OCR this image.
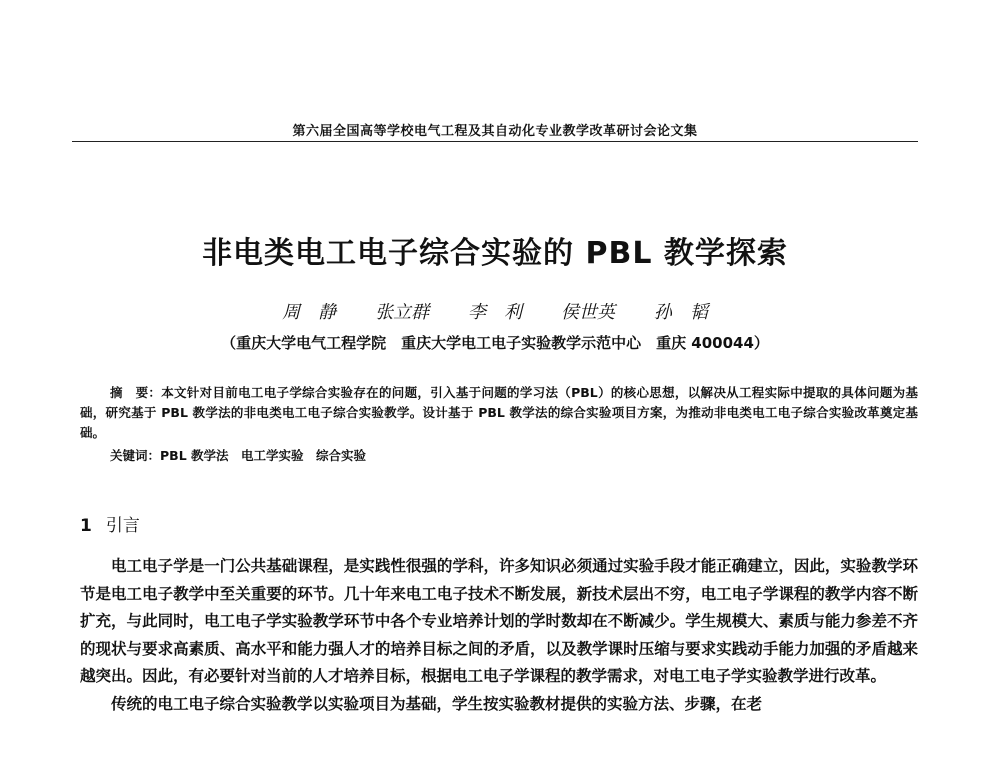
第六届全国高等学校电气工程及其自动化专业教学改革研讨会论文集
非电类电工电子综合实验的 PBL 教学探索
周　静 张立群 李　利 侯世英 孙　韬
（重庆大学电气工程学院　重庆大学电工电子实验教学示范中心　重庆 400044）
摘　要：本文针对目前电工电子学综合实验存在的问题，引入基于问题的学习法（PBL）的核心思想，以解决从工程实际中提取的具体问题为基础，研究基于 PBL 教学法的非电类电工电子综合实验教学。设计基于 PBL 教学法的综合实验项目方案，为推动非电类电工电子综合实验改革奠定基础。
关键词：PBL 教学法　电工学实验　综合实验
1 引言

电工电子学是一门公共基础课程，是实践性很强的学科，许多知识必须通过实验手段才能正确建立，因此，实验教学环节是电工电子教学中至关重要的环节。几十年来电工电子技术不断发展，新技术层出不穷，电工电子学课程的教学内容不断扩充，与此同时，电工电子学实验教学环节中各个专业培养计划的学时数却在不断减少。学生规模大、素质与能力参差不齐的现状与要求高素质、高水平和能力强人才的培养目标之间的矛盾，以及教学课时压缩与要求实践动手能力加强的矛盾越来越突出。因此，有必要针对当前的人才培养目标，根据电工电子学课程的教学需求，对电工电子学实验教学进行改革。

传统的电工电子综合实验教学以实验项目为基础，学生按实验教材提供的实验方法、步骤，在老
